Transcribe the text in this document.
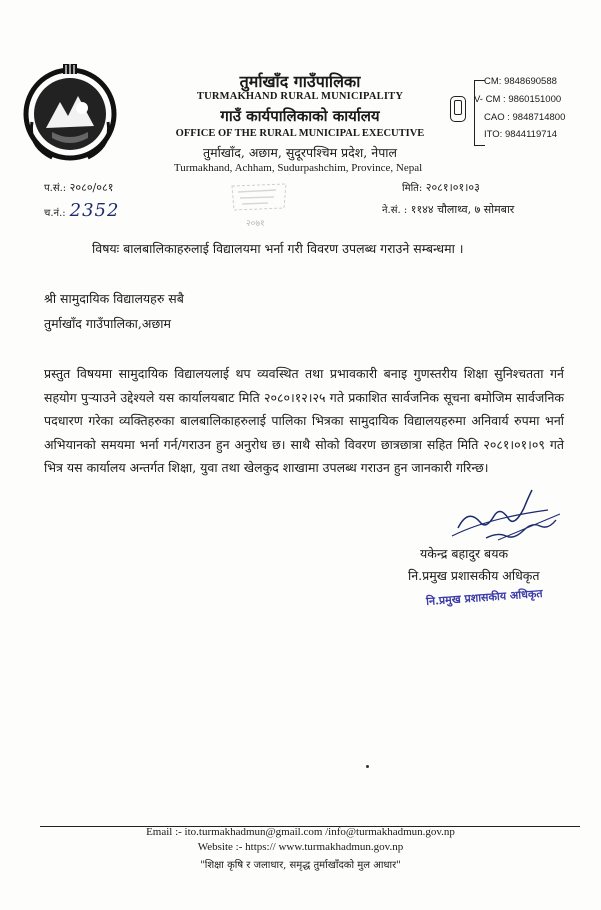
तुर्माखाँद गाउँपालिका
TURMAKHAND RURAL MUNICIPALITY
गाउँ कार्यपालिकाको कार्यालय
OFFICE OF THE RURAL MUNICIPAL EXECUTIVE
तुर्माखाँद, अछाम, सुदूरपश्चिम प्रदेश, नेपाल
Turmakhand, Achham, Sudurpashchim, Province, Nepal
CM: 9848690588
V- CM : 9860151000
CAO : 9848714800
ITO: 9844119714
प.सं.: २०८०/०८१
च.नं.: 2352
मिति: २०८१।०१।०३
ने.सं. : ११४४ चौलाथ्व, ७ सोमबार
२०७१
विषयः बालबालिकाहरुलाई विद्यालयमा भर्ना गरी विवरण उपलब्ध गराउने सम्बन्धमा ।
श्री सामुदायिक विद्यालयहरु सबै
तुर्माखाँद गाउँपालिका,अछाम
प्रस्तुत विषयमा सामुदायिक विद्यालयलाई थप व्यवस्थित तथा प्रभावकारी बनाइ गुणस्तरीय शिक्षा सुनिश्चतता गर्न सहयोग पुऱ्याउने उद्देश्यले यस कार्यालयबाट मिति २०८०।१२।२५ गते प्रकाशित सार्वजनिक सूचना बमोजिम सार्वजनिक पदधारण गरेका व्यक्तिहरुका बालबालिकाहरुलाई पालिका भित्रका सामुदायिक विद्यालयहरुमा अनिवार्य रुपमा भर्ना अभियानको समयमा भर्ना गर्न/गराउन हुन अनुरोध छ। साथै सोको विवरण छात्रछात्रा सहित मिति २०८१।०१।०९ गते भित्र यस कार्यालय अन्तर्गत शिक्षा, युवा तथा खेलकुद शाखामा उपलब्ध गराउन हुन जानकारी गरिन्छ।
यकेन्द्र बहादुर बयक
नि.प्रमुख प्रशासकीय अधिकृत
नि.प्रमुख प्रशासकीय अधिकृत
Email :- ito.turmakhadmun@gmail.com /info@turmakhadmun.gov.np
Website :- https:// www.turmakhadmun.gov.np
"शिक्षा कृषि र जलाधार, समृद्ध तुर्माखाँदको मुल आधार"
